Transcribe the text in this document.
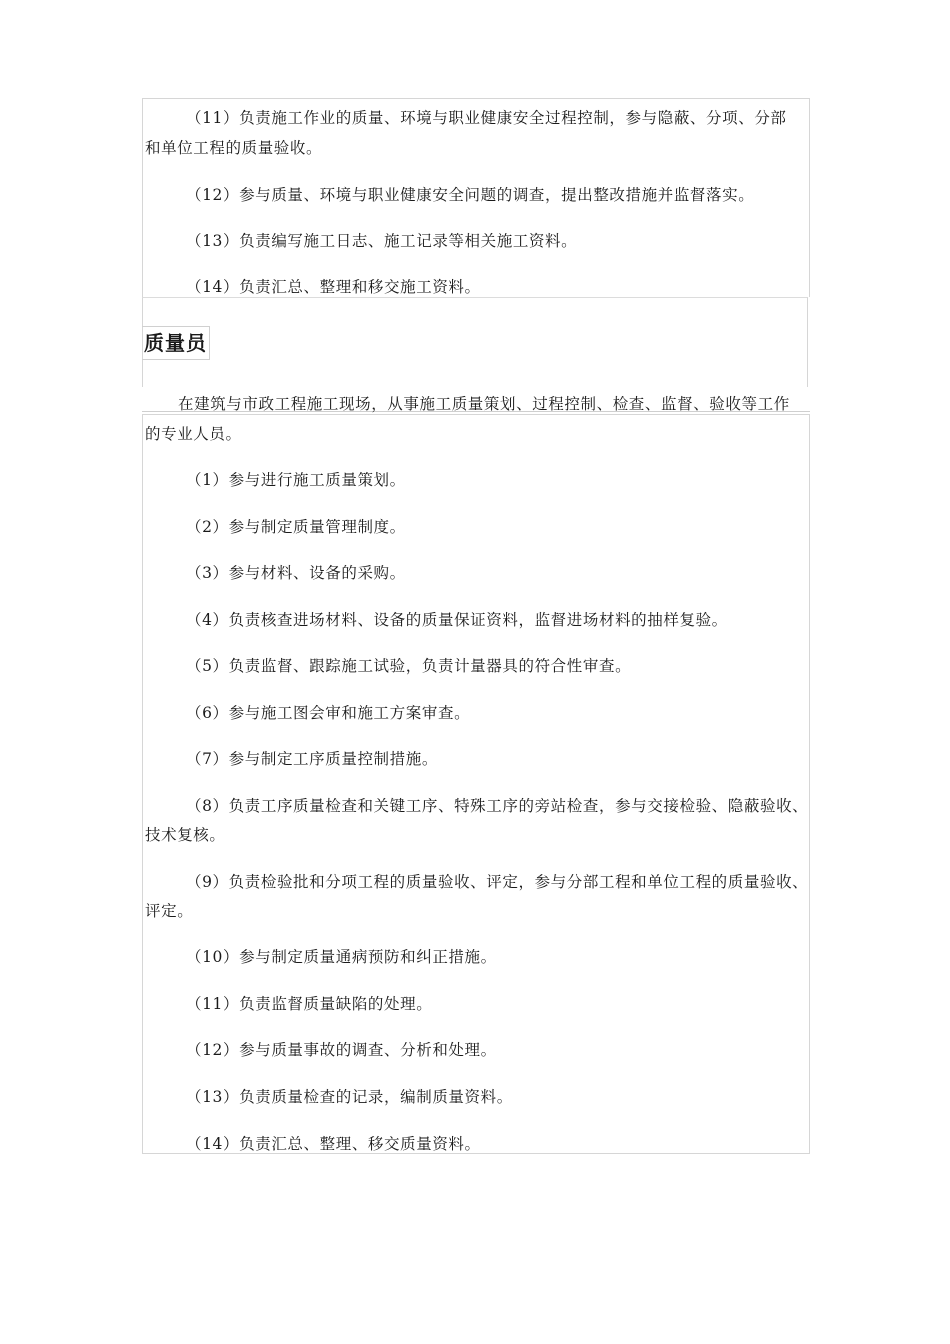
（11）负责施工作业的质量、环境与职业健康安全过程控制，参与隐蔽、分项、分部
和单位工程的质量验收。
（12）参与质量、环境与职业健康安全问题的调查，提出整改措施并监督落实。
（13）负责编写施工日志、施工记录等相关施工资料。
（14）负责汇总、整理和移交施工资料。
质量员
在建筑与市政工程施工现场，从事施工质量策划、过程控制、检查、监督、验收等工作
的专业人员。
（1）参与进行施工质量策划。
（2）参与制定质量管理制度。
（3）参与材料、设备的采购。
（4）负责核查进场材料、设备的质量保证资料，监督进场材料的抽样复验。
（5）负责监督、跟踪施工试验，负责计量器具的符合性审查。
（6）参与施工图会审和施工方案审查。
（7）参与制定工序质量控制措施。
（8）负责工序质量检查和关键工序、特殊工序的旁站检查，参与交接检验、隐蔽验收、
技术复核。
（9）负责检验批和分项工程的质量验收、评定，参与分部工程和单位工程的质量验收、
评定。
（10）参与制定质量通病预防和纠正措施。
（11）负责监督质量缺陷的处理。
（12）参与质量事故的调查、分析和处理。
（13）负责质量检查的记录，编制质量资料。
（14）负责汇总、整理、移交质量资料。
